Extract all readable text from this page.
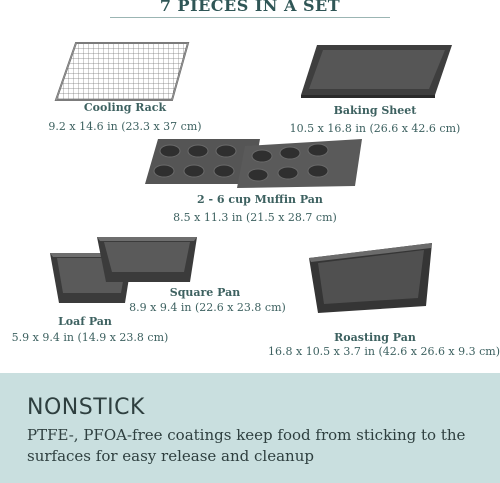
7 PIECES IN A SET
Cooling Rack
9.2 x 14.6 in (23.3 x 37 cm)
Baking Sheet
10.5 x 16.8 in (26.6 x 42.6 cm)
2 - 6 cup Muffin Pan
8.5 x 11.3 in (21.5 x 28.7 cm)
Loaf Pan
5.9 x 9.4 in (14.9 x 23.8 cm)
Square Pan
8.9 x 9.4 in (22.6 x 23.8 cm)
Roasting Pan
16.8 x 10.5 x 3.7 in (42.6 x 26.6 x 9.3 cm)
NONSTICK
PTFE-, PFOA-free coatings keep food from sticking to the surfaces for easy release and cleanup
